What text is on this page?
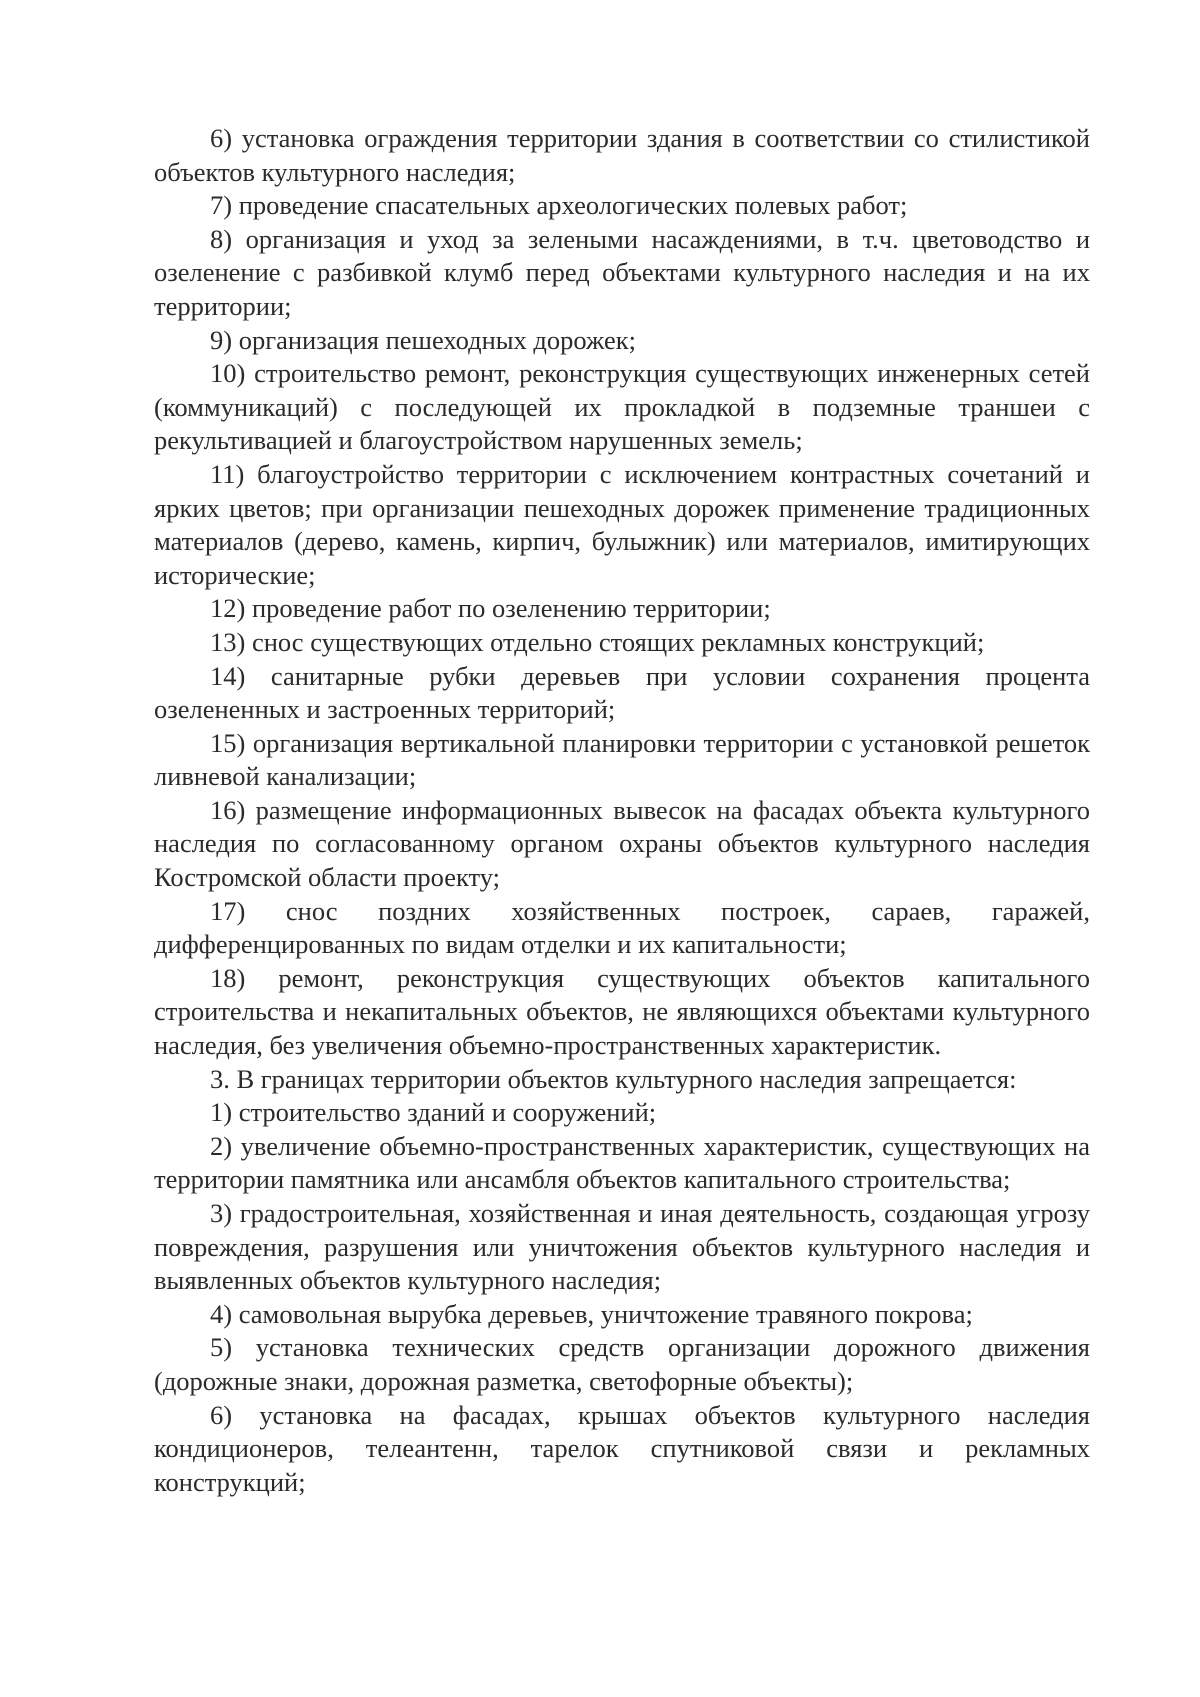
6) установка ограждения территории здания в соответствии со стилистикой объектов культурного наследия;

7) проведение спасательных археологических полевых работ;

8) организация и уход за зелеными насаждениями, в т.ч. цветоводство и озеленение с разбивкой клумб перед объектами культурного наследия и на их территории;

9) организация пешеходных дорожек;

10) строительство ремонт, реконструкция существующих инженерных сетей (коммуникаций) с последующей их прокладкой в подземные траншеи с рекультивацией и благоустройством нарушенных земель;

11) благоустройство территории с исключением контрастных сочетаний и ярких цветов; при организации пешеходных дорожек применение традиционных материалов (дерево, камень, кирпич, булыжник) или материалов, имитирующих исторические;

12) проведение работ по озеленению территории;

13) снос существующих отдельно стоящих рекламных конструкций;

14) санитарные рубки деревьев при условии сохранения процента озелененных и застроенных территорий;

15) организация вертикальной планировки территории с установкой решеток ливневой канализации;

16) размещение информационных вывесок на фасадах объекта культурного наследия по согласованному органом охраны объектов культурного наследия Костромской области проекту;

17) снос поздних хозяйственных построек, сараев, гаражей, дифференцированных по видам отделки и их капитальности;

18) ремонт, реконструкция существующих объектов капитального строительства и некапитальных объектов, не являющихся объектами культурного наследия, без увеличения объемно-пространственных характеристик.

3. В границах территории объектов культурного наследия запрещается:

1) строительство зданий и сооружений;

2) увеличение объемно-пространственных характеристик, существующих на территории памятника или ансамбля объектов капитального строительства;

3) градостроительная, хозяйственная и иная деятельность, создающая угрозу повреждения, разрушения или уничтожения объектов культурного наследия и выявленных объектов культурного наследия;

4) самовольная вырубка деревьев, уничтожение травяного покрова;

5) установка технических средств организации дорожного движения (дорожные знаки, дорожная разметка, светофорные объекты);

6) установка на фасадах, крышах объектов культурного наследия кондиционеров, телеантенн, тарелок спутниковой связи и рекламных конструкций;
